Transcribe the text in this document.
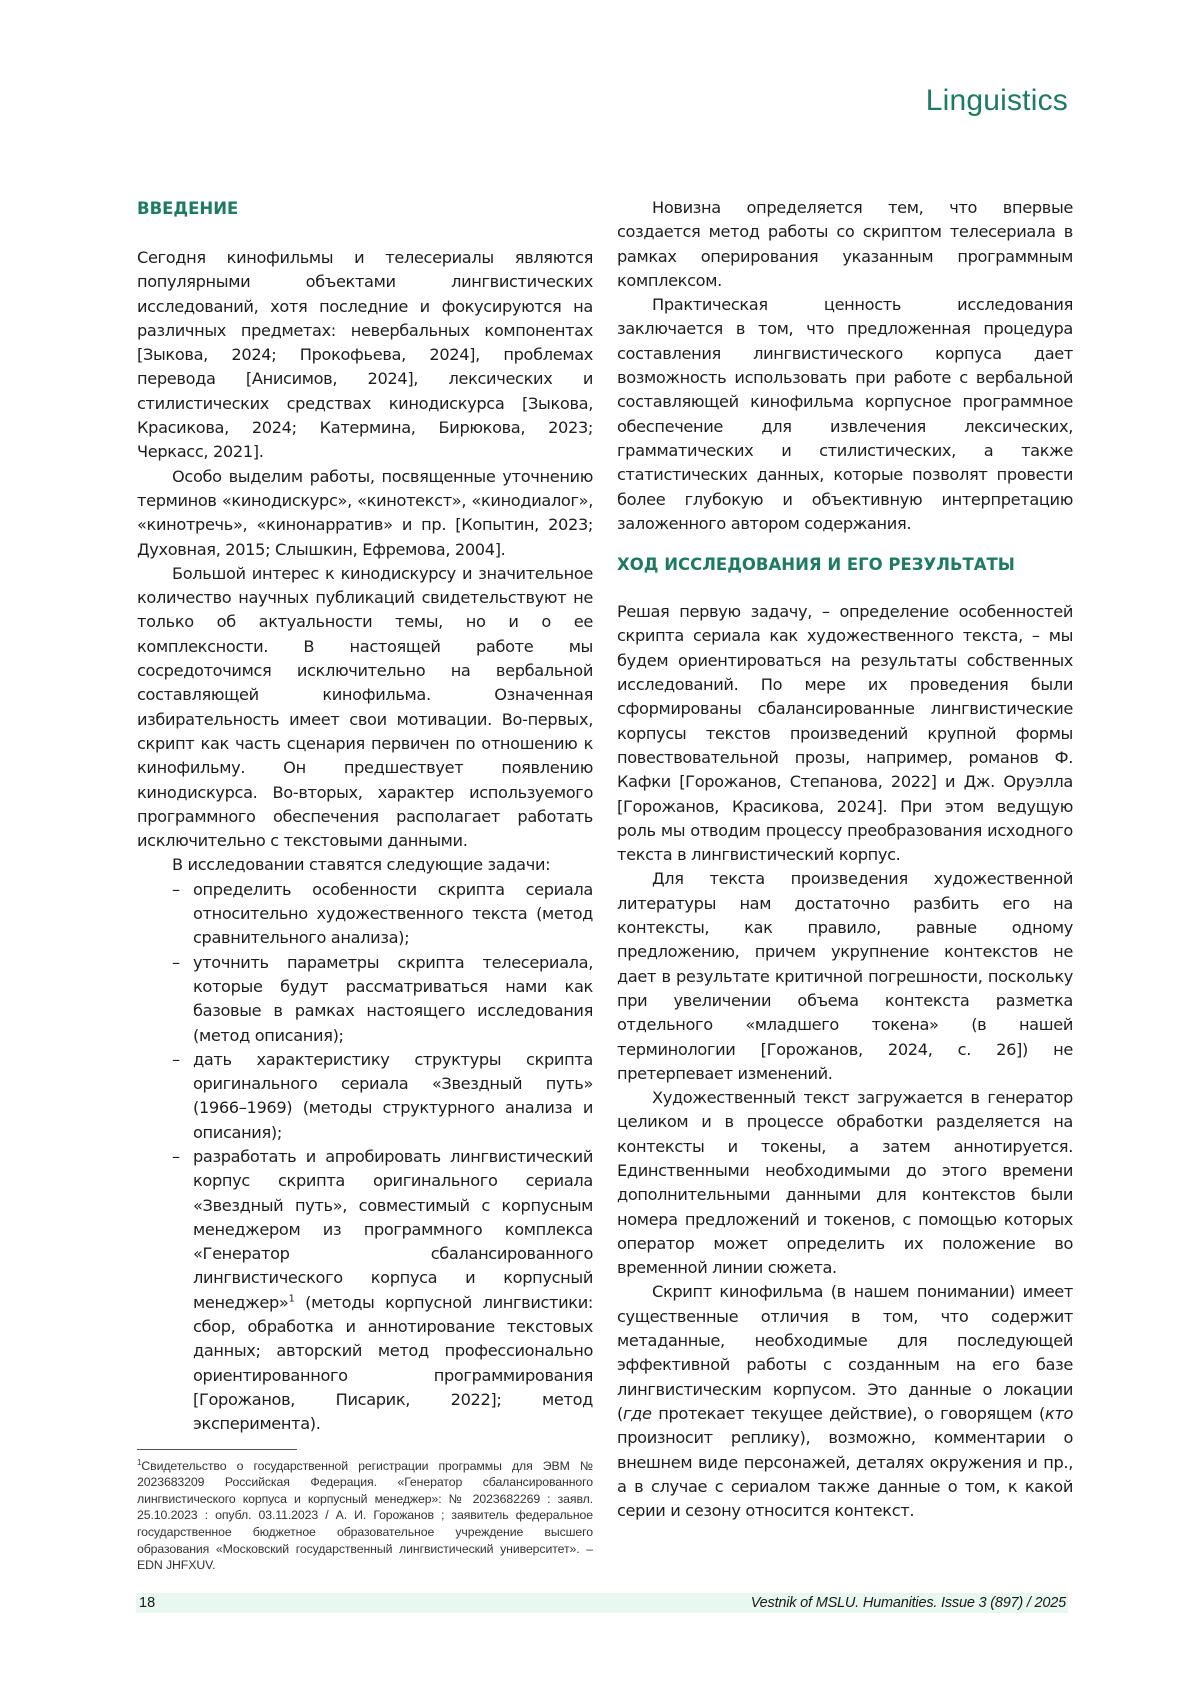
Linguistics
ВВЕДЕНИЕ

Сегодня кинофильмы и телесериалы являются популярными объектами лингвистических исследований, хотя последние и фокусируются на различных предметах: невербальных компонентах [Зыкова, 2024; Прокофьева, 2024], проблемах перевода [Анисимов, 2024], лексических и стилистических средствах кинодискурса [Зыкова, Красикова, 2024; Катермина, Бирюкова, 2023; Черкасс, 2021].

Особо выделим работы, посвященные уточнению терминов «кинодискурс», «кинотекст», «кинодиалог», «кинотречь», «кинонарратив» и пр. [Копытин, 2023; Духовная, 2015; Слышкин, Ефремова, 2004].

Большой интерес к кинодискурсу и значительное количество научных публикаций свидетельствуют не только об актуальности темы, но и о ее комплексности. В настоящей работе мы сосредоточимся исключительно на вербальной составляющей кинофильма. Означенная избирательность имеет свои мотивации. Во-первых, скрипт как часть сценария первичен по отношению к кинофильму. Он предшествует появлению кинодискурса. Во-вторых, характер используемого программного обеспечения располагает работать исключительно с текстовыми данными.

В исследовании ставятся следующие задачи:

– определить особенности скрипта сериала относительно художественного текста (метод сравнительного анализа);
– уточнить параметры скрипта телесериала, которые будут рассматриваться нами как базовые в рамках настоящего исследования (метод описания);
– дать характеристику структуры скрипта оригинального сериала «Звездный путь» (1966–1969) (методы структурного анализа и описания);
– разработать и апробировать лингвистический корпус скрипта оригинального сериала «Звездный путь», совместимый с корпусным менеджером из программного комплекса «Генератор сбалансированного лингвистического корпуса и корпусный менеджер»$^1$ (методы корпусной лингвистики: сбор, обработка и аннотирование текстовых данных; авторский метод профессионально ориентированного программирования [Горожанов, Писарик, 2022]; метод эксперимента).
$^1$Свидетельство о государственной регистрации программы для ЭВМ № 2023683209 Российская Федерация. «Генератор сбалансированного лингвистического корпуса и корпусный менеджер»: № 2023682269 : заявл. 25.10.2023 : опубл. 03.11.2023 / А. И. Горожанов ; заявитель федеральное государственное бюджетное образовательное учреждение высшего образования «Московский государственный лингвистический университет». – EDN JHFXUV.

Новизна определяется тем, что впервые создается метод работы со скриптом телесериала в рамках оперирования указанным программным комплексом.

Практическая ценность исследования заключается в том, что предложенная процедура составления лингвистического корпуса дает возможность использовать при работе с вербальной составляющей кинофильма корпусное программное обеспечение для извлечения лексических, грамматических и стилистических, а также статистических данных, которые позволят провести более глубокую и объективную интерпретацию заложенного автором содержания.

ХОД ИССЛЕДОВАНИЯ И ЕГО РЕЗУЛЬТАТЫ

Решая первую задачу, – определение особенностей скрипта сериала как художественного текста, – мы будем ориентироваться на результаты собственных исследований. По мере их проведения были сформированы сбалансированные лингвистические корпусы текстов произведений крупной формы повествовательной прозы, например, романов Ф. Кафки [Горожанов, Степанова, 2022] и Дж. Оруэлла [Горожанов, Красикова, 2024]. При этом ведущую роль мы отводим процессу преобразования исходного текста в лингвистический корпус.

Для текста произведения художественной литературы нам достаточно разбить его на контексты, как правило, равные одному предложению, причем укрупнение контекстов не дает в результате критичной погрешности, поскольку при увеличении объема контекста разметка отдельного «младшего токена» (в нашей терминологии [Горожанов, 2024, с. 26]) не претерпевает изменений.

Художественный текст загружается в генератор целиком и в процессе обработки разделяется на контексты и токены, а затем аннотируется. Единственными необходимыми до этого времени дополнительными данными для контекстов были номера предложений и токенов, с помощью которых оператор может определить их положение во временной линии сюжета.

Скрипт кинофильма (в нашем понимании) имеет существенные отличия в том, что содержит метаданные, необходимые для последующей эффективной работы с созданным на его базе лингвистическим корпусом. Это данные о локации (где протекает текущее действие), о говорящем (кто произносит реплику), возможно, комментарии о внешнем виде персонажей, деталях окружения и пр., а в случае с сериалом также данные о том, к какой серии и сезону относится контекст.

18	Vestnik of MSLU. Humanities. Issue 3 (897) / 2025
